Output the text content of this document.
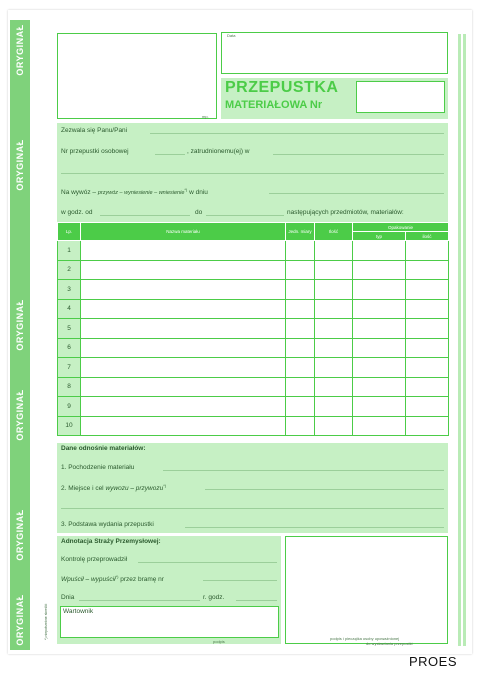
ORYGINAŁ
ORYGINAŁ
ORYGINAŁ
ORYGINAŁ
ORYGINAŁ
ORYGINAŁ	*) niepotrzebne skreślić
mp.
Data
PRZEPUSTKA
MATERIAŁOWA Nr
Zezwala się Panu/Pani
Nr przepustki osobowej	, zatrudnionemu(ej) w
Na wywóz – przywóz – wyniesienie – wniesienie*) w dniu
w godz. od	do	następujących przedmiotów, materiałów:
Lp.	Nazwa materiału	Jedn. miary	Ilość	Opakowanie	
				typ	ilość
1					
2					
3					
4					
5					
6					
7					
8					
9					
10					
Dane odnośnie materiałów:
1. Pochodzenie materiału
2. Miejsce i cel wywozu – przywozu*)
3. Podstawa wydania przepustki
Adnotacja Straży Przemysłowej:
Kontrolę przeprowadził
Wpuścił – wypuścił*) przez bramę nr
Dnia	r. godz.
Wartownik
podpis
podpis i pieczątka osoby upoważnionej
do wystawiania przepustki
PROES
